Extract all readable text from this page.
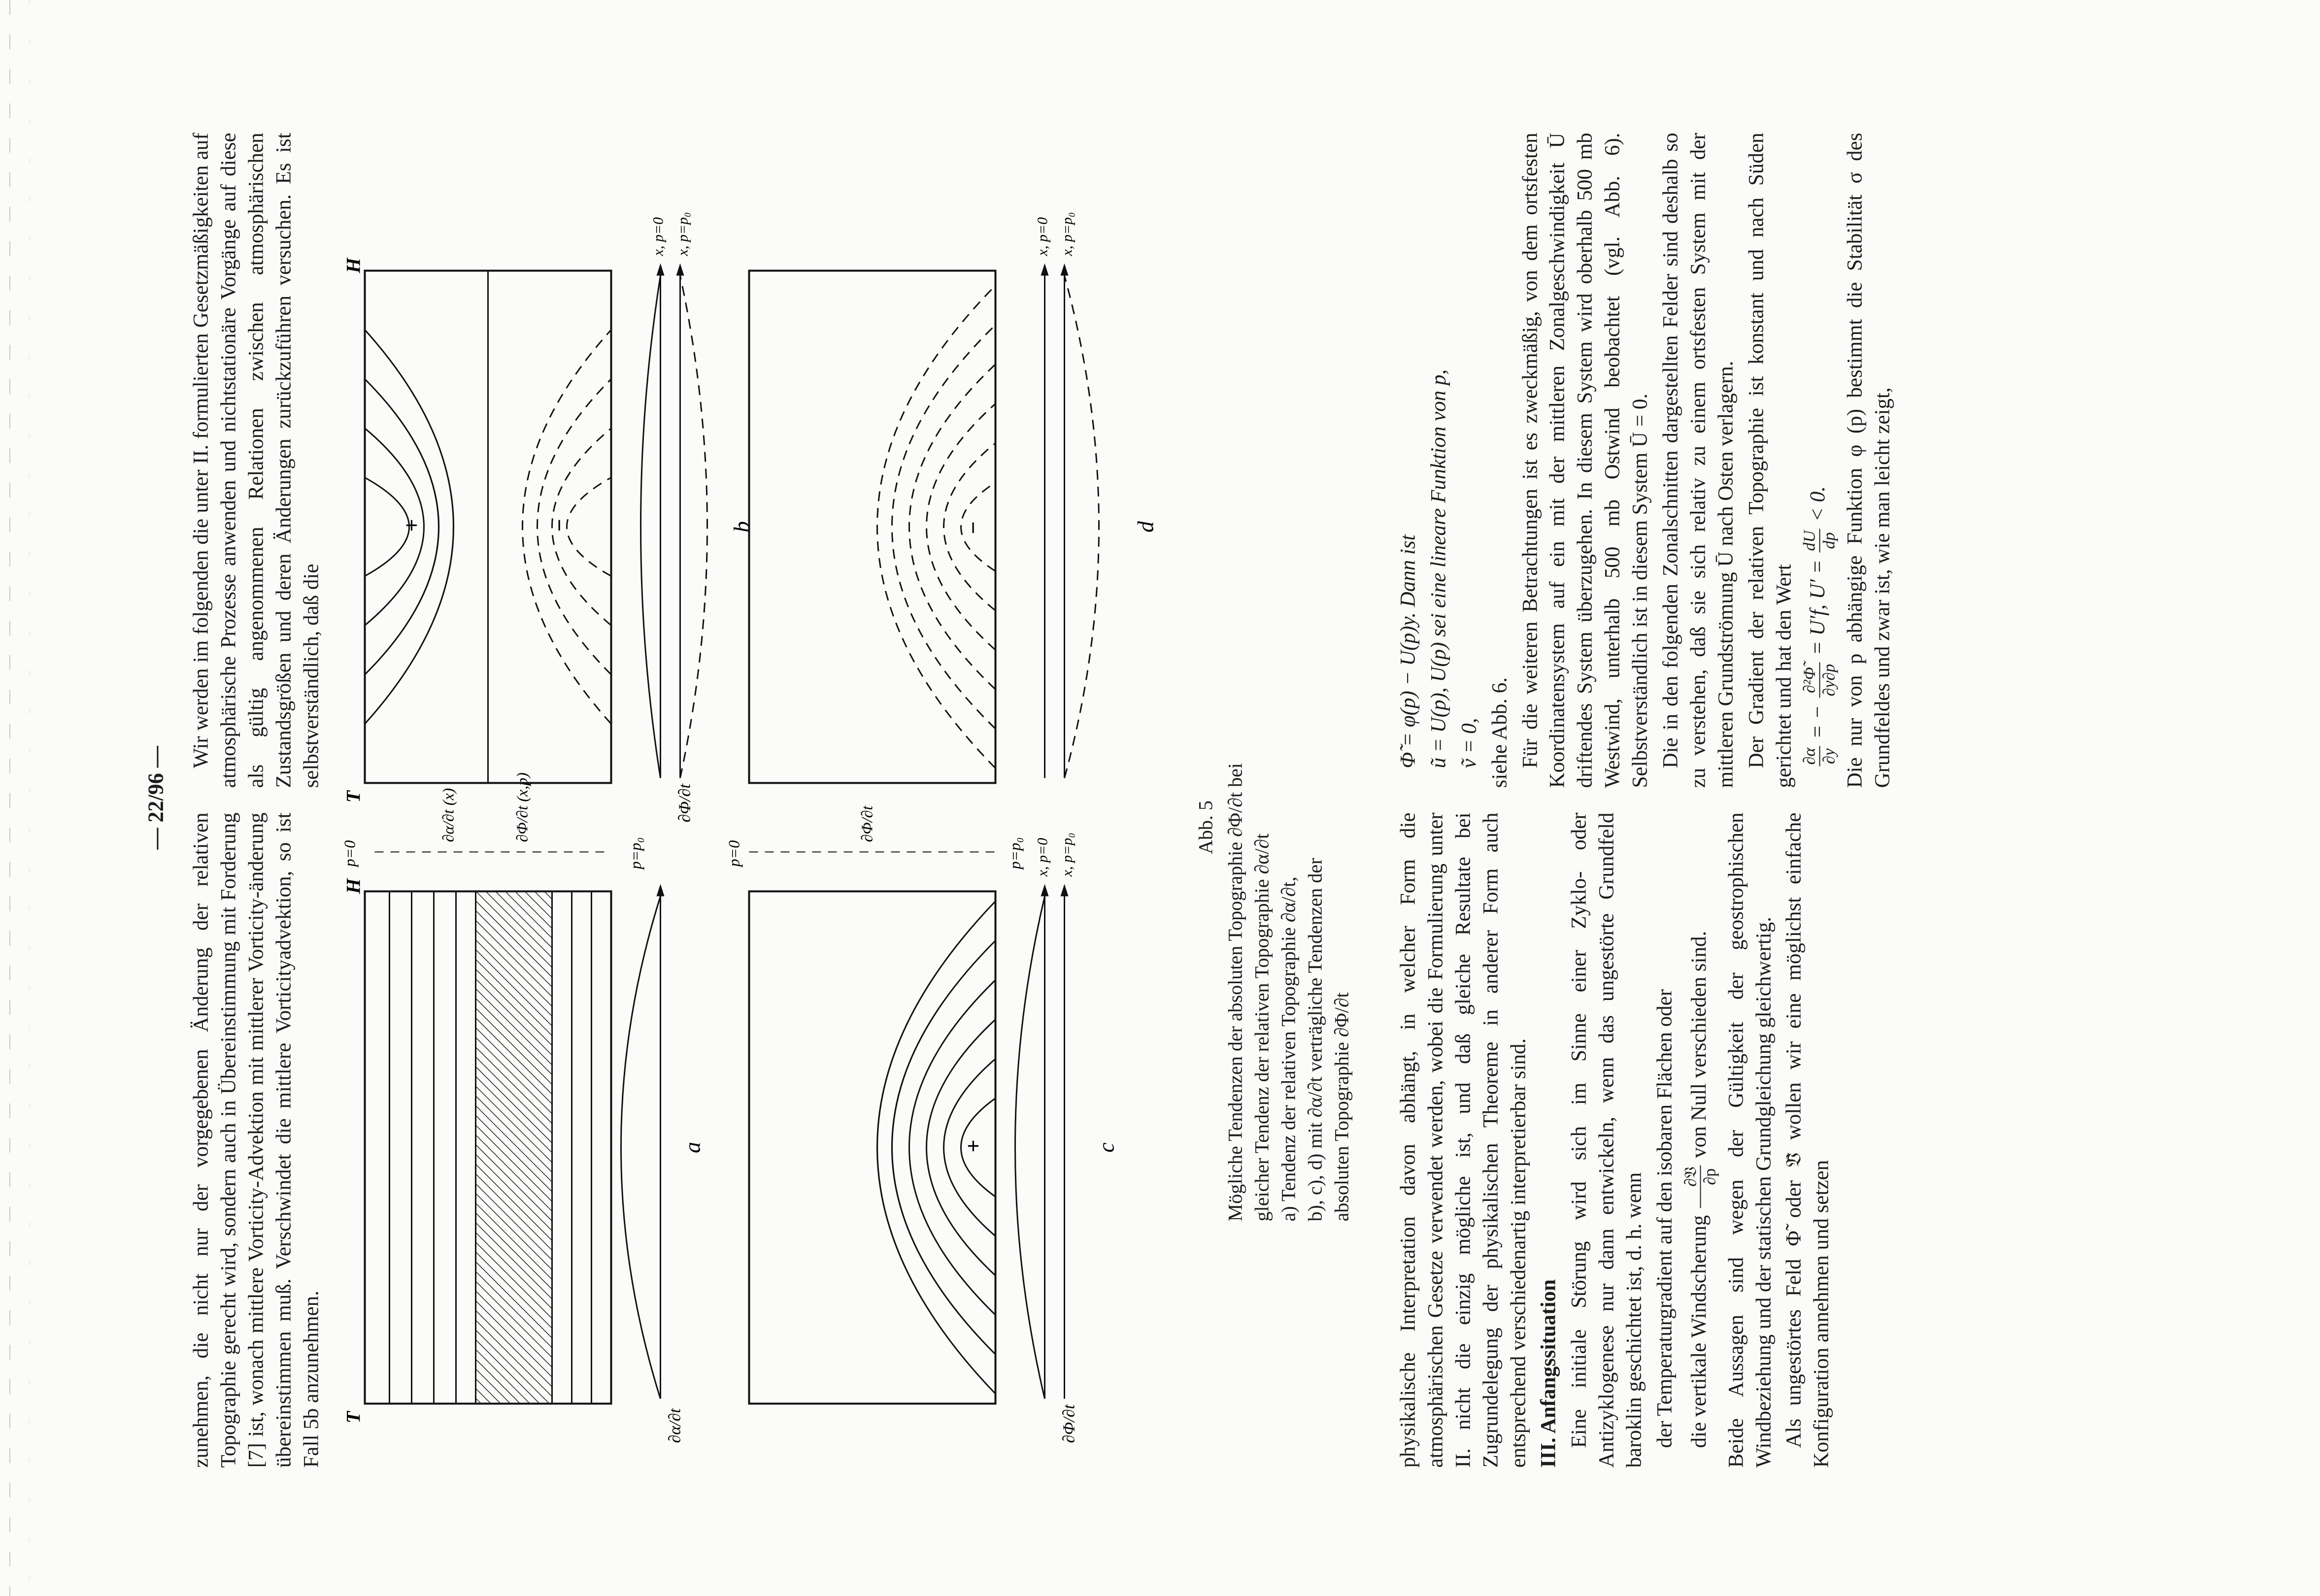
— 22/96 —

zunehmen, die nicht nur der vorgegebenen Änderung der relativen Topographie gerecht wird, sondern auch in Übereinstimmung mit Forderung [7] ist, wonach mittlere Vorticity-Advektion mit mittlerer Vorticity-änderung übereinstimmen muß. Verschwindet die mittlere Vorticityadvektion, so ist Fall 5b anzunehmen.

Wir werden im folgenden die unter II. formulierten Gesetzmäßigkeiten auf atmosphärische Prozesse anwenden und nichtstationäre Vorgänge auf diese als gültig angenommenen Relationen zwischen atmosphärischen Zustandsgrößen und deren Änderungen zurückzuführen versuchen. Es ist selbstverständlich, daß die

a
∂α/∂t
T
H
p=0	p=p₀
∂α/∂t (x)	∂Φ/∂t (x,p)
p=0	p=p₀
∂Φ/∂t
+	−
x, p=0 x, p=p₀
b
∂Φ/∂t
T
H
+
x, p=0 x, p=p₀
c
∂Φ/∂t
−
x, p=0 x, p=p₀
d
Abb. 5 Mögliche Tendenzen der absoluten Topographie ∂Φ/∂t bei gleicher Tendenz der relativen Topographie ∂α/∂t a) Tendenz der relativen Topographie ∂α/∂t, b), c), d) mit ∂α/∂t verträgliche Tendenzen der absoluten Topographie ∂Φ/∂t physikalische Interpretation davon abhängt, in welcher Form die atmosphärischen Gesetze verwendet werden, wobei die Formulierung unter II. nicht die einzig mögliche ist, und daß gleiche Resultate bei Zugrundelegung der physikalischen Theoreme in anderer Form auch entsprechend verschiedenartig interpretierbar sind. III. Anfangssituation Eine initiale Störung wird sich im Sinne einer Zyklo- oder Antizyklogenese nur dann entwickeln, wenn das ungestörte Grundfeld baroklin geschichtet ist, d. h. wenn der Temperaturgradient auf den isobaren Flächen oder die vertikale Windscherung
∂𝔙 ∂p
von Null verschieden sind. Beide Aussagen sind wegen der Gültigkeit der geostrophischen Windbeziehung und der statischen Grundgleichung gleichwertig. Als ungestörtes Feld Φ̃ oder 𝔙̃ wollen wir eine möglichst einfache Konfiguration annehmen und setzen

Φ̃ = φ(p) − U(p)y. Dann ist ũ = U(p), U(p) sei eine lineare Funktion von p, ṽ = 0, siehe Abb. 6. Für die weiteren Betrachtungen ist es zweckmäßig, von dem ortsfesten Koordinatensystem auf ein mit der mittleren Zonalgeschwindigkeit Ū driftendes System überzugehen. In diesem System wird oberhalb 500 mb Westwind, unterhalb 500 mb Ostwind beobachtet (vgl. Abb. 6). Selbstverständlich ist in diesem System Ū = 0. Die in den folgenden Zonalschnitten dargestellten Felder sind deshalb so zu verstehen, daß sie sich relativ zu einem ortsfesten System mit der mittleren Grundströmung Ū nach Osten verlagern. Der Gradient der relativen Topographie ist konstant und nach Süden gerichtet und hat den Wert ∂α ∂y
= −
∂²Φ̃ ∂y∂p
= U′f, U′ =
dU dp
< 0. Die nur von p abhängige Funktion φ (p) bestimmt die Stabilität σ des Grundfeldes und zwar ist, wie man leicht zeigt,
